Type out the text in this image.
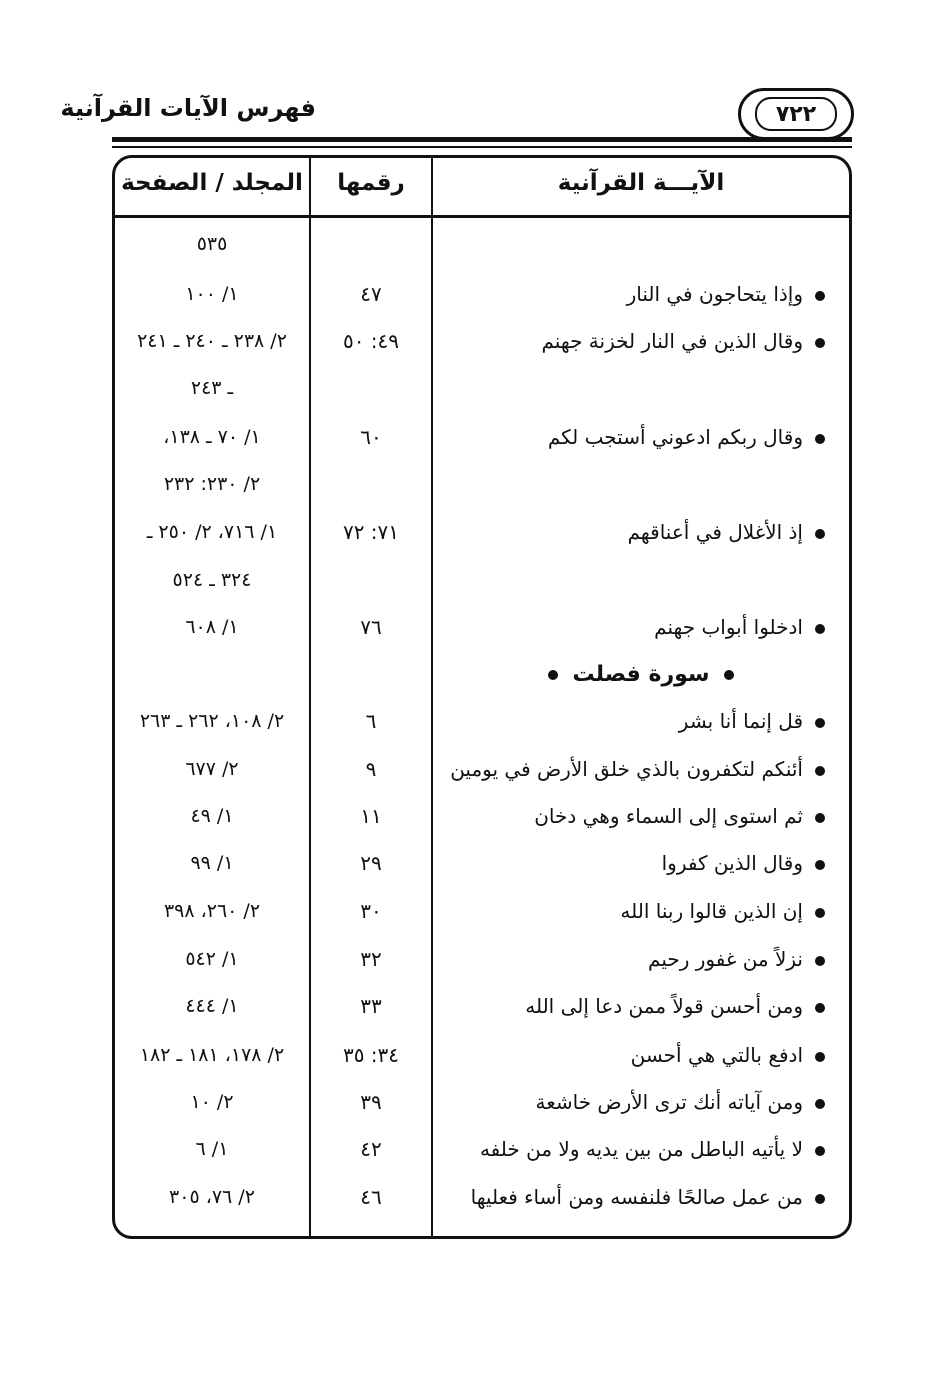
فهرس الآيات القرآنية	٧٢٢
الآيـــة القرآنية
رقمها
المجلد / الصفحة
٥٣٥
وإذا يتحاجون في النار
٤٧
١/ ١٠٠
وقال الذين في النار لخزنة جهنم
٤٩: ٥٠
٢/ ٢٣٨ ـ ٢٤٠ ـ ٢٤١
ـ ٢٤٣
وقال ربكم ادعوني أستجب لكم
٦٠
١/ ٧٠ ـ ١٣٨،
٢/ ٢٣٠: ٢٣٢
إذ الأغلال في أعناقهم
٧١: ٧٢
١/ ٧١٦، ٢/ ٢٥٠ ـ
٣٢٤ ـ ٥٢٤
ادخلوا أبواب جهنم
٧٦
١/ ٦٠٨
سورة فصلت
قل إنما أنا بشر
٦
٢/ ١٠٨، ٢٦٢ ـ ٢٦٣
أئنكم لتكفرون بالذي خلق الأرض في يومين
٩
٢/ ٦٧٧
ثم استوى إلى السماء وهي دخان
١١
١/ ٤٩
وقال الذين كفروا
٢٩
١/ ٩٩
إن الذين قالوا ربنا الله
٣٠
٢/ ٢٦٠، ٣٩٨
نزلاً من غفور رحيم
٣٢
١/ ٥٤٢
ومن أحسن قولاً ممن دعا إلى الله
٣٣
١/ ٤٤٤
ادفع بالتي هي أحسن
٣٤: ٣٥
٢/ ١٧٨، ١٨١ ـ ١٨٢
ومن آياته أنك ترى الأرض خاشعة
٣٩
٢/ ١٠
لا يأتيه الباطل من بين يديه ولا من خلفه
٤٢
١/ ٦
من عمل صالحًا فلنفسه ومن أساء فعليها
٤٦
٢/ ٧٦، ٣٠٥
